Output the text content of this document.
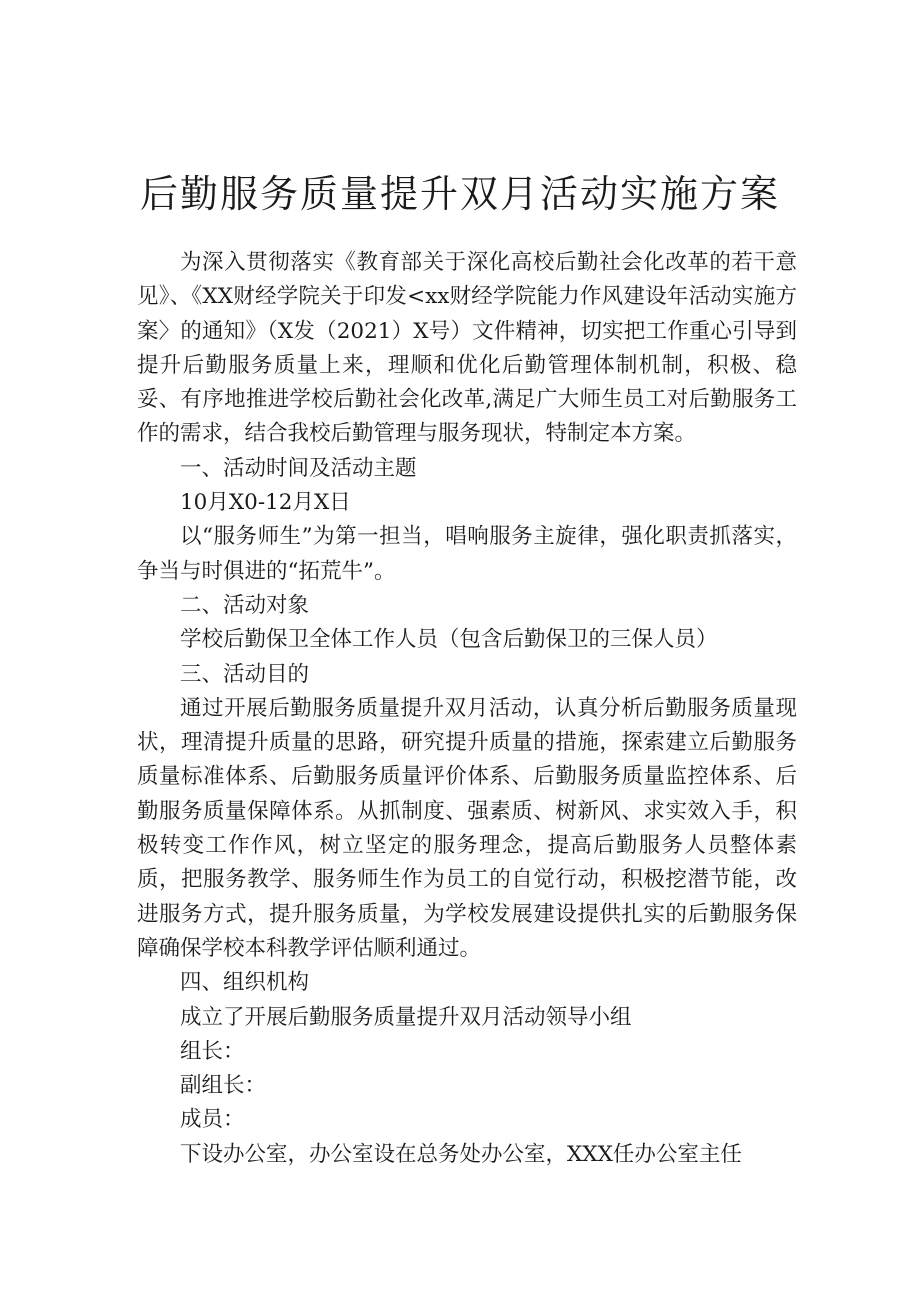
后勤服务质量提升双月活动实施方案

为深入贯彻落实《教育部关于深化高校后勤社会化改革的若干意见》、《XX财经学院关于印发<xx财经学院能力作风建设年活动实施方案〉的通知》（X发（2021）X号）文件精神，切实把工作重心引导到提升后勤服务质量上来，理顺和优化后勤管理体制机制，积极、稳妥、有序地推进学校后勤社会化改革,满足广大师生员工对后勤服务工作的需求，结合我校后勤管理与服务现状，特制定本方案。

一、活动时间及活动主题

10月X0-12月X日

以“服务师生”为第一担当，唱响服务主旋律，强化职责抓落实，争当与时俱进的“拓荒牛”。

二、活动对象

学校后勤保卫全体工作人员（包含后勤保卫的三保人员）

三、活动目的

通过开展后勤服务质量提升双月活动，认真分析后勤服务质量现状，理清提升质量的思路，研究提升质量的措施，探索建立后勤服务质量标准体系、后勤服务质量评价体系、后勤服务质量监控体系、后勤服务质量保障体系。从抓制度、强素质、树新风、求实效入手，积极转变工作作风，树立坚定的服务理念，提高后勤服务人员整体素质，把服务教学、服务师生作为员工的自觉行动，积极挖潜节能，改进服务方式，提升服务质量，为学校发展建设提供扎实的后勤服务保障确保学校本科教学评估顺利通过。

四、组织机构

成立了开展后勤服务质量提升双月活动领导小组

组长：

副组长：

成员：

下设办公室，办公室设在总务处办公室，XXX任办公室主任
